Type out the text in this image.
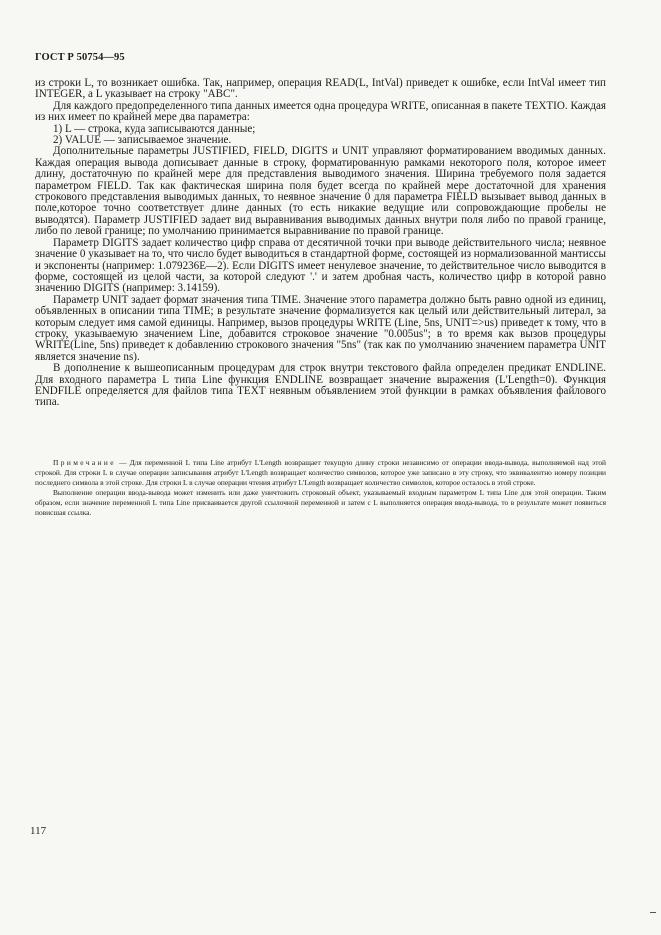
ГОСТ Р 50754—95

из строки L, то возникает ошибка. Так, например, операция READ(L, IntVal) приведет к ошибке, если IntVal имеет тип INTEGER, а L указывает на строку "ABC".

Для каждого предопределенного типа данных имеется одна процедура WRITE, описанная в пакете TEXTIO. Каждая из них имеет по крайней мере два параметра:

1) L — строка, куда записываются данные;
2) VALUE — записываемое значение.

Дополнительные параметры JUSTIFIED, FIELD, DIGITS и UNIT управляют форматированием вводимых данных. Каждая операция вывода дописывает данные в строку, форматированную рамками некоторого поля, которое имеет длину, достаточную по крайней мере для представления выводимого значения. Ширина требуемого поля задается параметром FIELD. Так как фактическая ширина поля будет всегда по крайней мере достаточной для хранения строкового представления выводимых данных, то неявное значение 0 для параметра FIELD вызывает вывод данных в поле,которое точно соответствует длине данных (то есть никакие ведущие или сопровождающие пробелы не выводятся). Параметр JUSTIFIED задает вид выравнивания выводимых данных внутри поля либо по правой границе, либо по левой границе; по умолчанию принимается выравнивание по правой границе.

Параметр DIGITS задает количество цифр справа от десятичной точки при выводе действительного числа; неявное значение 0 указывает на то, что число будет выводиться в стандартной форме, состоящей из нормализованной мантиссы и экспоненты (например: 1.079236E—2). Если DIGITS имеет ненулевое значение, то действительное число выводится в форме, состоящей из целой части, за которой следуют '.' и затем дробная часть, количество цифр в которой равно значению DIGITS (например: 3.14159).

Параметр UNIT задает формат значения типа TIME. Значение этого параметра должно быть равно одной из единиц, объявленных в описании типа TIME; в результате значение формализуется как целый или действительный литерал, за которым следует имя самой единицы. Например, вызов процедуры WRITE (Line, 5ns, UNIT=>us) приведет к тому, что в строку, указываемую значением Line, добавится строковое значение "0.005us"; в то время как вызов процедуры WRITE(Line, 5ns) приведет к добавлению строкового значения "5ns" (так как по умолчанию значением параметра UNIT является значение ns).

В дополнение к вышеописанным процедурам для строк внутри текстового файла определен предикат ENDLINE. Для входного параметра L типа Line функция ENDLINE возвращает значение выражения (L'Length=0). Функция ENDFILE определяется для файлов типа TEXT неявным объявлением этой функции в рамках объявления файлового типа.

Примечание — Для переменной L типа Line атрибут L'Length возвращает текущую длину строки независимо от операции ввода-вывода, выполняемой над этой строкой. Для строки L в случае операции записывания атрибут L'Length возвращает количество символов, которое уже записано в эту строку, что эквивалентно номеру позиции последнего символа в этой строке. Для строки L в случае операции чтения атрибут L'Length возвращает количество символов, которое осталось в этой строке.

Выполнение операции ввода-вывода может изменить или даже уничтожить строковый объект, указываемый входным параметром L типа Line для этой операции. Таким образом, если значение переменной L типа Line присваивается другой ссылочной переменной и затем с L выполняется операция ввода-вывода, то в результате может появиться повисшая ссылка.

117
